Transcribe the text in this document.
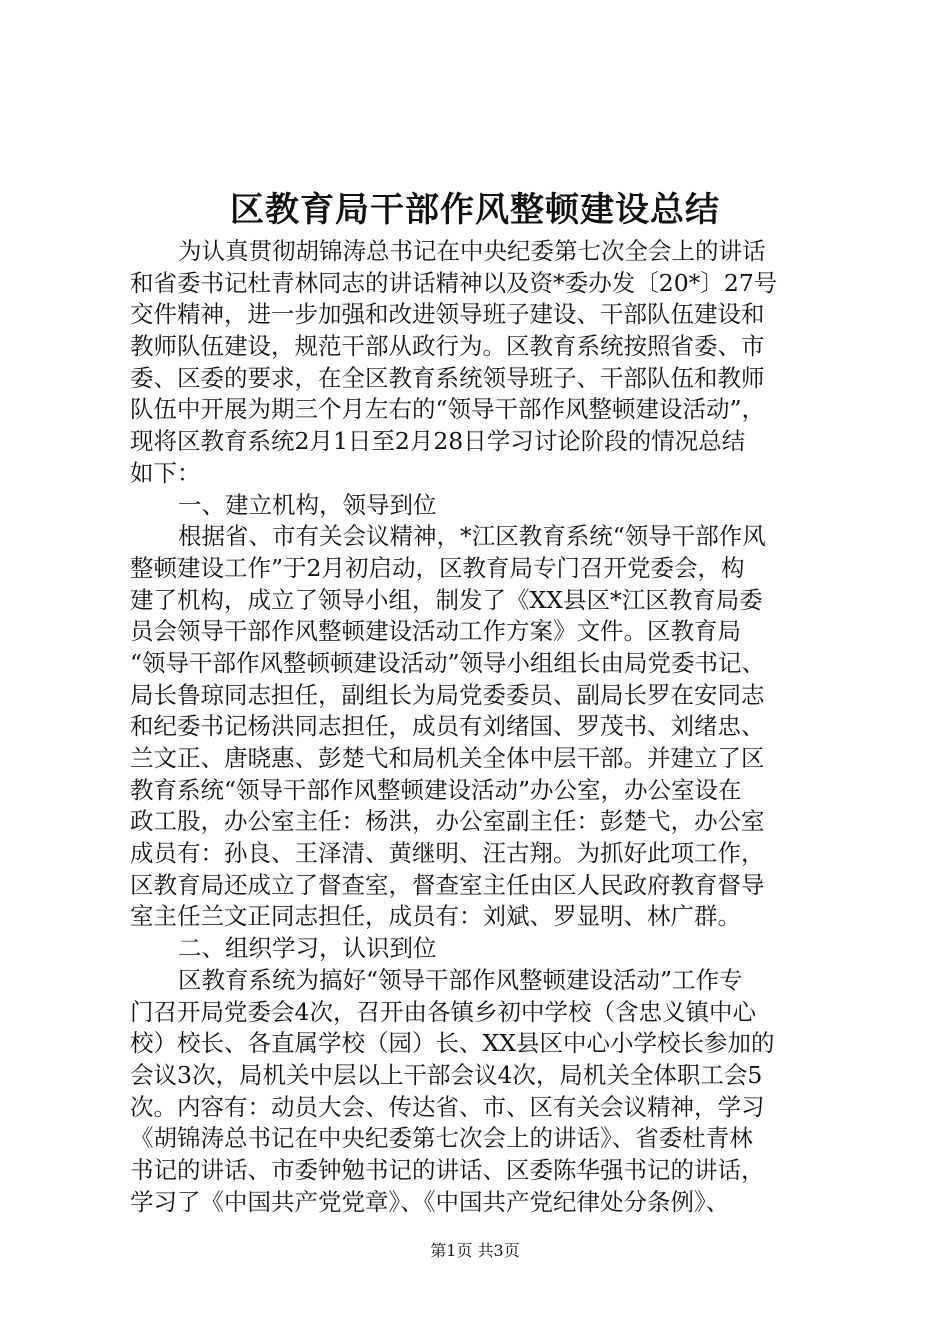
区教育局干部作风整顿建设总结
为认真贯彻胡锦涛总书记在中央纪委第七次全会上的讲话
和省委书记杜青林同志的讲话精神以及资*委办发〔20*〕27号
交件精神，进一步加强和改进领导班子建设、干部队伍建设和
教师队伍建设，规范干部从政行为。区教育系统按照省委、市
委、区委的要求，在全区教育系统领导班子、干部队伍和教师
队伍中开展为期三个月左右的“领导干部作风整顿建设活动”，
现将区教育系统2月1日至2月28日学习讨论阶段的情况总结
如下：
一、建立机构，领导到位
根据省、市有关会议精神，*江区教育系统“领导干部作风
整顿建设工作”于2月初启动，区教育局专门召开党委会，构
建了机构，成立了领导小组，制发了《XX县区*江区教育局委
员会领导干部作风整顿建设活动工作方案》文件。区教育局
“领导干部作风整顿顿建设活动”领导小组组长由局党委书记、
局长鲁琼同志担任，副组长为局党委委员、副局长罗在安同志
和纪委书记杨洪同志担任，成员有刘绪国、罗茂书、刘绪忠、
兰文正、唐晓惠、彭楚弋和局机关全体中层干部。并建立了区
教育系统“领导干部作风整顿建设活动”办公室，办公室设在
政工股，办公室主任：杨洪，办公室副主任：彭楚弋，办公室
成员有：孙良、王泽清、黄继明、汪古翔。为抓好此项工作，
区教育局还成立了督查室，督查室主任由区人民政府教育督导
室主任兰文正同志担任，成员有：刘斌、罗显明、林广群。
二、组织学习，认识到位
区教育系统为搞好“领导干部作风整顿建设活动”工作专
门召开局党委会4次，召开由各镇乡初中学校（含忠义镇中心
校）校长、各直属学校（园）长、XX县区中心小学校长参加的
会议3次，局机关中层以上干部会议4次，局机关全体职工会5
次。内容有：动员大会、传达省、市、区有关会议精神，学习
《胡锦涛总书记在中央纪委第七次会上的讲话》、省委杜青林
书记的讲话、市委钟勉书记的讲话、区委陈华强书记的讲话，
学习了《中国共产党党章》、《中国共产党纪律处分条例》、
第1页 共3页
